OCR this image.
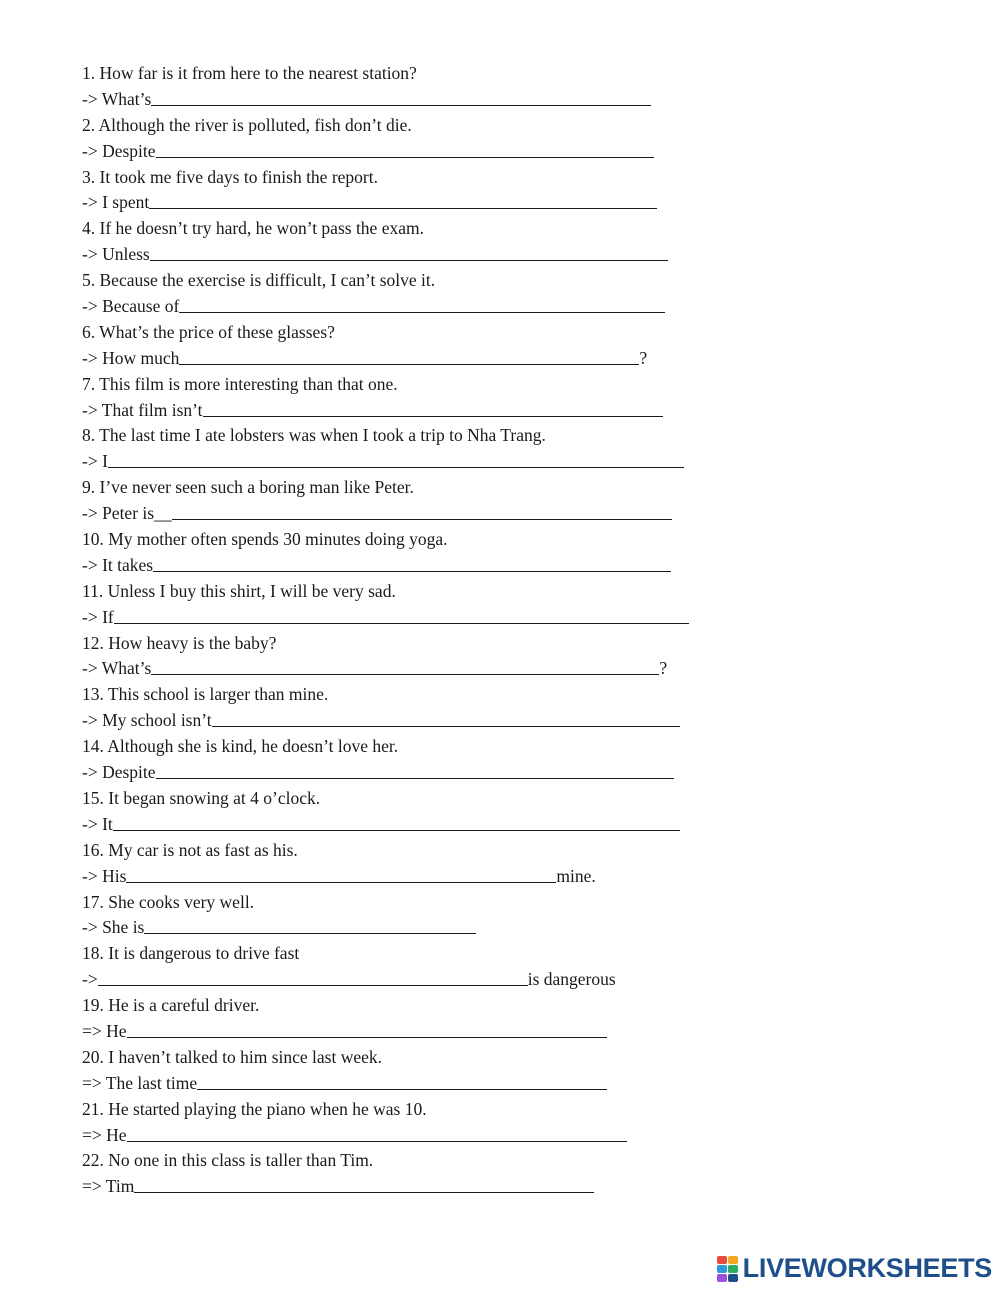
1. How far is it from here to the nearest station?
-> What’s
2. Although the river is polluted, fish don’t die.
-> Despite
3. It took me five days to finish the report.
-> I spent
4. If he doesn’t try hard, he won’t pass the exam.
-> Unless
5. Because the exercise is difficult, I can’t solve it.
-> Because of
6. What’s the price of these glasses?
-> How much	?
7. This film is more interesting than that one.
-> That film isn’t
8. The last time I ate lobsters was when I took a trip to Nha Trang.
-> I
9. I’ve never seen such a boring man like Peter.
-> Peter is__
10. My mother often spends 30 minutes doing yoga.
-> It takes
11. Unless I buy this shirt, I will be very sad.
-> If
12. How heavy is the baby?
-> What’s	?
13. This school is larger than mine.
-> My school isn’t
14. Although she is kind, he doesn’t love her.
-> Despite
15. It began snowing at 4 o’clock.
-> It
16. My car is not as fast as his.
-> His	mine.
17. She cooks very well.
-> She is
18. It is dangerous to drive fast
->	is dangerous
19. He is a careful driver.
=> He
20. I haven’t talked to him since last week.
=> The last time
21. He started playing the piano when he was 10.
=> He
22. No one in this class is taller than Tim.
=> Tim
LIVEWORKSHEETS
